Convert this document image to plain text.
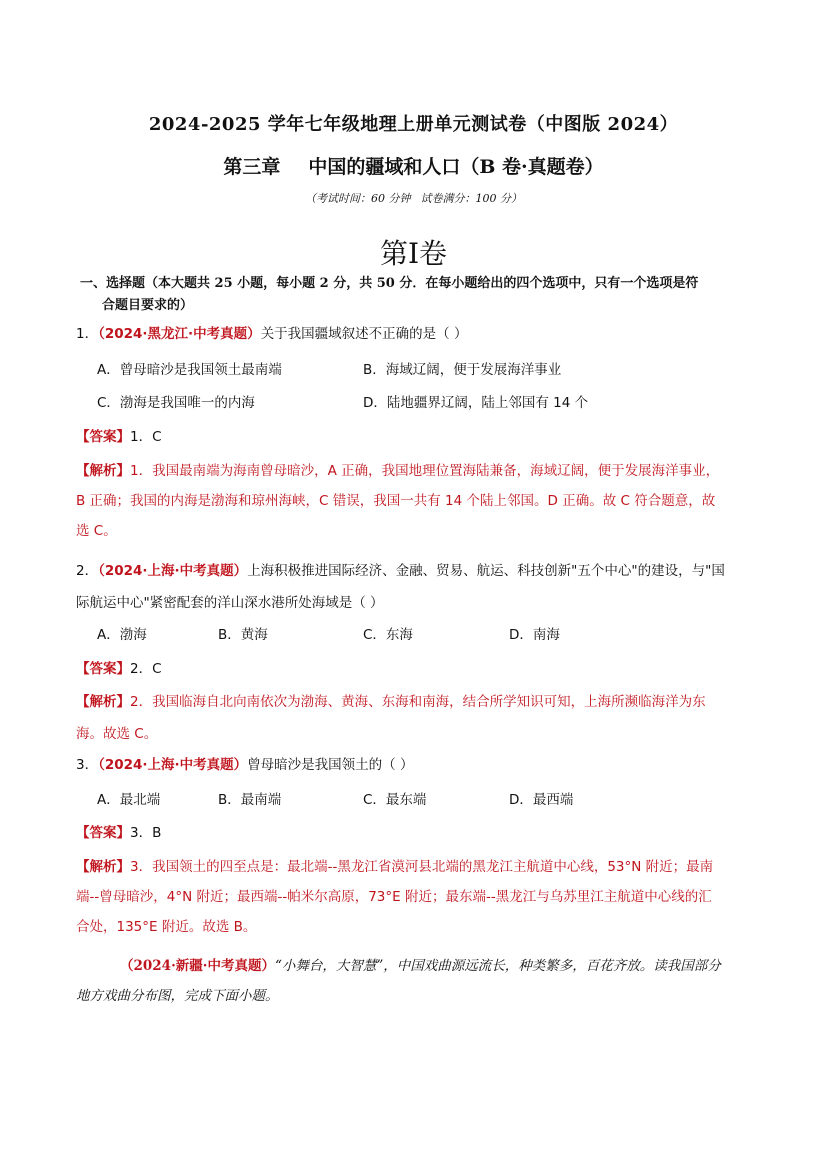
2024-2025 学年七年级地理上册单元测试卷（中图版 2024）
第三章 中国的疆域和人口（B 卷·真题卷）
（考试时间：60 分钟 试卷满分：100 分）
第Ⅰ卷
一、选择题（本大题共 25 小题，每小题 2 分，共 50 分．在每小题给出的四个选项中，只有一个选项是符
合题目要求的）
1．（2024·黑龙江·中考真题）关于我国疆域叙述不正确的是（ ）
A．曾母暗沙是我国领土最南端	B．海域辽阔，便于发展海洋事业
C．渤海是我国唯一的内海	D．陆地疆界辽阔，陆上邻国有 14 个
【答案】1．C
【解析】1．我国最南端为海南曾母暗沙，A 正确，我国地理位置海陆兼备，海域辽阔，便于发展海洋事业，
B 正确；我国的内海是渤海和琼州海峡，C 错误，我国一共有 14 个陆上邻国。D 正确。故 C 符合题意，故
选 C。
2．（2024·上海·中考真题）上海积极推进国际经济、金融、贸易、航运、科技创新"五个中心"的建设，与"国
际航运中心"紧密配套的洋山深水港所处海域是（ ）
A．渤海	B．黄海	C．东海	D．南海
【答案】2．C
【解析】2．我国临海自北向南依次为渤海、黄海、东海和南海，结合所学知识可知，上海所濒临海洋为东
海。故选 C。
3．（2024·上海·中考真题）曾母暗沙是我国领土的（ ）
A．最北端	B．最南端	C．最东端	D．最西端
【答案】3．B
【解析】3．我国领土的四至点是：最北端--黑龙江省漠河县北端的黑龙江主航道中心线，53°N 附近；最南
端--曾母暗沙，4°N 附近；最西端--帕米尔高原，73°E 附近；最东端--黑龙江与乌苏里江主航道中心线的汇
合处，135°E 附近。故选 B。
（2024·新疆·中考真题）“小舞台，大智慧”，中国戏曲源远流长，种类繁多，百花齐放。读我国部分
地方戏曲分布图，完成下面小题。
